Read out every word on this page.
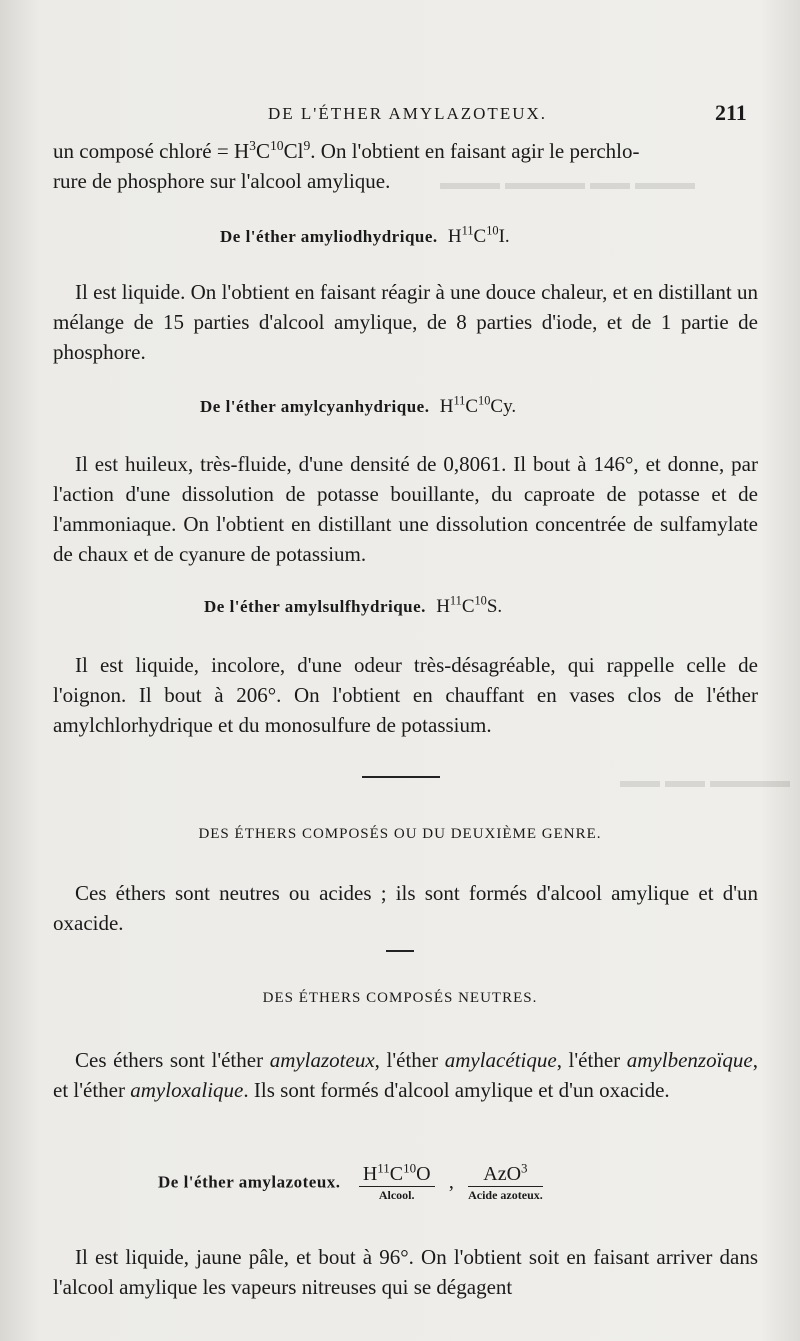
▬▬▬ ▬▬ ▬▬▬▬ ▬▬▬
▬▬▬▬ ▬▬ ▬▬
DE L'ÉTHER AMYLAZOTEUX.	211
un composé chloré = $H^3C^{10}Cl^9$. On l'obtient en faisant agir le perchlo-
rure de phosphore sur l'alcool amylique.
De l'éther amyliodhydrique. $H^{11}C^{10}I$.
Il est liquide. On l'obtient en faisant réagir à une douce chaleur, et en distillant un mélange de 15 parties d'alcool amylique, de 8 parties d'iode, et de 1 partie de phosphore.
De l'éther amylcyanhydrique. $H^{11}C^{10}Cy$.
Il est huileux, très-fluide, d'une densité de 0,8061. Il bout à 146°, et donne, par l'action d'une dissolution de potasse bouillante, du caproate de potasse et de l'ammoniaque. On l'obtient en distillant une dissolution concentrée de sulfamylate de chaux et de cyanure de potassium.
De l'éther amylsulfhydrique. $H^{11}C^{10}S$.
Il est liquide, incolore, d'une odeur très-désagréable, qui rappelle celle de l'oignon. Il bout à 206°. On l'obtient en chauffant en vases clos de l'éther amylchlorhydrique et du monosulfure de potassium.
DES ÉTHERS COMPOSÉS OU DU DEUXIÈME GENRE.
Ces éthers sont neutres ou acides ; ils sont formés d'alcool amylique et d'un oxacide.
DES ÉTHERS COMPOSÉS NEUTRES.
Ces éthers sont l'éther amylazoteux, l'éther amylacétique, l'éther amylbenzoïque, et l'éther amyloxalique. Ils sont formés d'alcool amylique et d'un oxacide.
De l'éther amylazoteux. $\frac{H^{11}C^{10}O}{\text{Alcool.}}$ , $\frac{AzO^3}{\text{Acide azoteux.}}$
Il est liquide, jaune pâle, et bout à 96°. On l'obtient soit en faisant arriver dans l'alcool amylique les vapeurs nitreuses qui se dégagent
